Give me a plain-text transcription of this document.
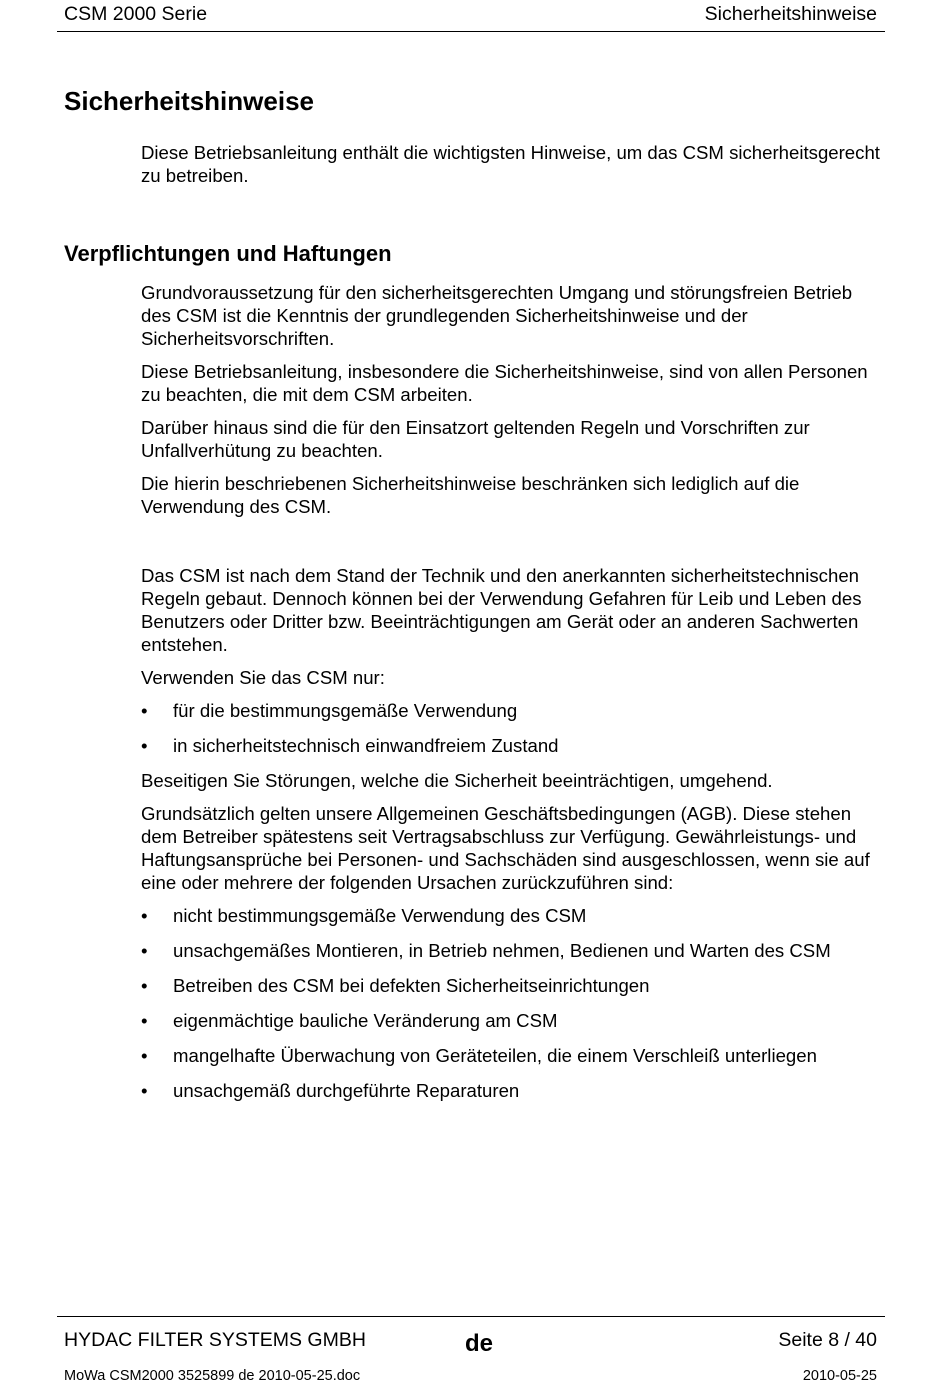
CSM 2000 Serie	Sicherheitshinweise
Sicherheitshinweise

Diese Betriebsanleitung enthält die wichtigsten Hinweise, um das CSM sicherheitsgerecht zu betreiben.

Verpflichtungen und Haftungen

Grundvoraussetzung für den sicherheitsgerechten Umgang und störungsfreien Betrieb des CSM ist die Kenntnis der grundlegenden Sicherheitshinweise und der Sicherheitsvorschriften.

Diese Betriebsanleitung, insbesondere die Sicherheitshinweise, sind von allen Personen zu beachten, die mit dem CSM arbeiten.

Darüber hinaus sind die für den Einsatzort geltenden Regeln und Vorschriften zur Unfallverhütung zu beachten.

Die hierin beschriebenen Sicherheitshinweise beschränken sich lediglich auf die Verwendung des CSM.

Das CSM ist nach dem Stand der Technik und den anerkannten sicherheitstechnischen Regeln gebaut. Dennoch können bei der Verwendung Gefahren für Leib und Leben des Benutzers oder Dritter bzw. Beeinträchtigungen am Gerät oder an anderen Sachwerten entstehen.

Verwenden Sie das CSM nur:

• für die bestimmungsgemäße Verwendung
• in sicherheitstechnisch einwandfreiem Zustand

Beseitigen Sie Störungen, welche die Sicherheit beeinträchtigen, umgehend.

Grundsätzlich gelten unsere Allgemeinen Geschäftsbedingungen (AGB). Diese stehen dem Betreiber spätestens seit Vertragsabschluss zur Verfügung. Gewährleistungs- und Haftungsansprüche bei Personen- und Sachschäden sind ausgeschlossen, wenn sie auf eine oder mehrere der folgenden Ursachen zurückzuführen sind:

• nicht bestimmungsgemäße Verwendung des CSM
• unsachgemäßes Montieren, in Betrieb nehmen, Bedienen und Warten des CSM
• Betreiben des CSM bei defekten Sicherheitseinrichtungen
• eigenmächtige bauliche Veränderung am CSM
• mangelhafte Überwachung von Geräteteilen, die einem Verschleiß unterliegen
• unsachgemäß durchgeführte Reparaturen
HYDAC FILTER SYSTEMS GMBH	de	Seite 8 / 40
MoWa CSM2000 3525899 de 2010-05-25.doc	2010-05-25
